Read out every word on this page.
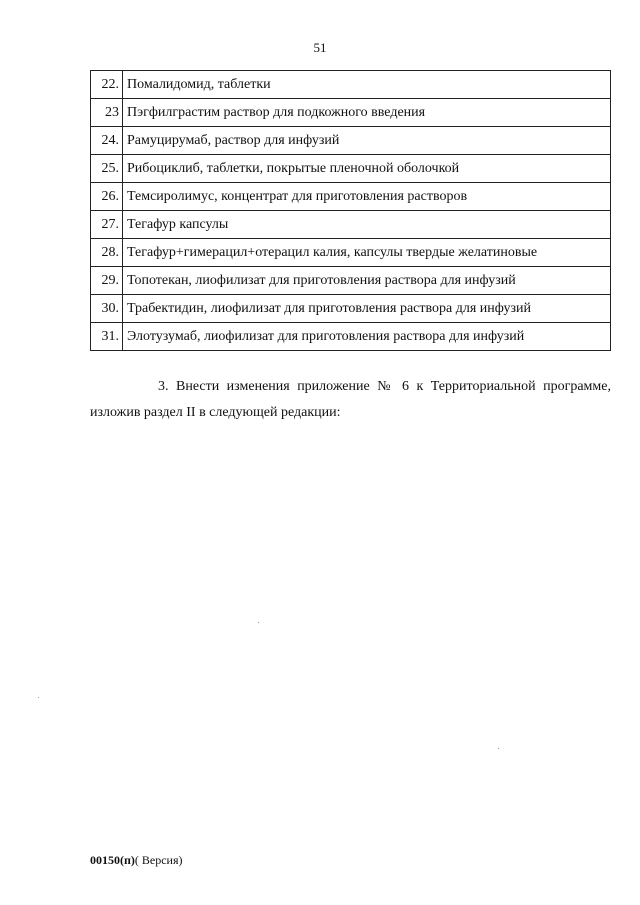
51
22.	Помалидомид, таблетки
23	Пэгфилграстим раствор для подкожного введения
24.	Рамуцирумаб, раствор для инфузий
25.	Рибоциклиб, таблетки, покрытые пленочной оболочкой
26.	Темсиролимус, концентрат для приготовления растворов
27.	Тегафур капсулы
28.	Тегафур+гимерацил+отерацил калия, капсулы твердые желатиновые
29.	Топотекан, лиофилизат для приготовления раствора для инфузий
30.	Трабектидин, лиофилизат для приготовления раствора для инфузий
31.	Элотузумаб, лиофилизат для приготовления раствора для инфузий
3. Внести изменения приложение № 6 к Территориальной программе,
изложив раздел II в следующей редакции:
00150(п)( Версия)
